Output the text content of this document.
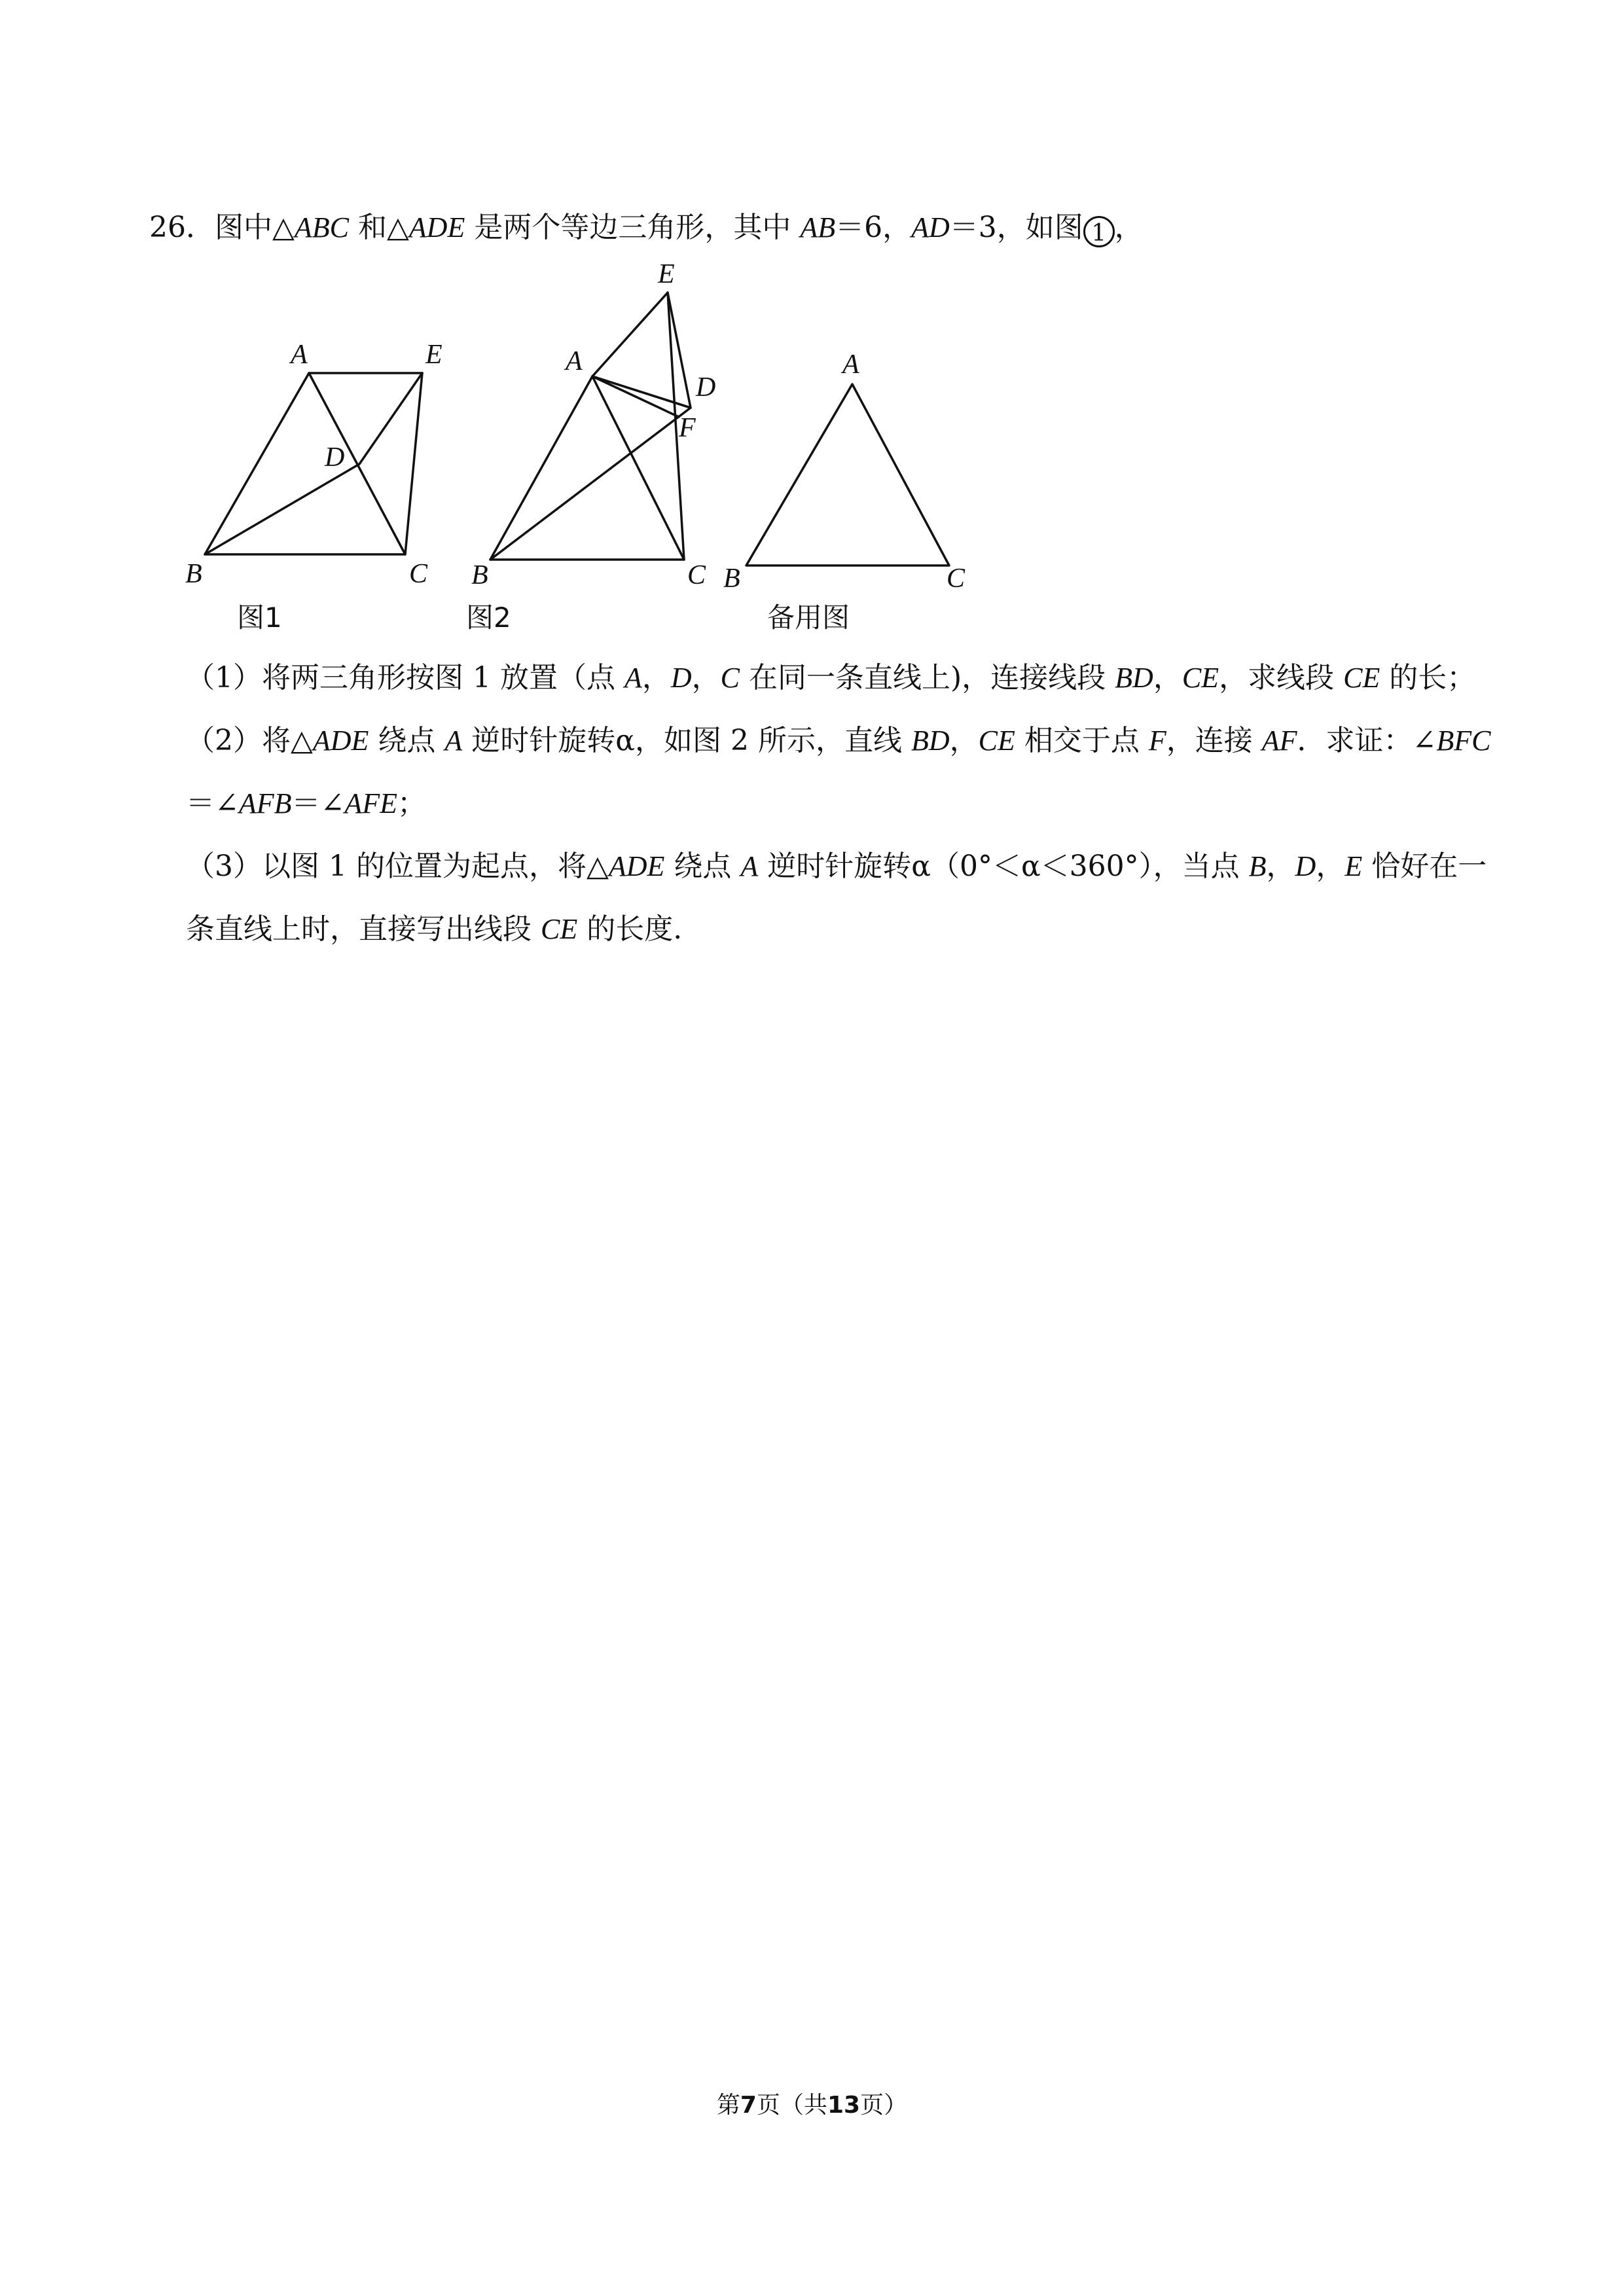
26．图中△ABC 和△ADE 是两个等边三角形，其中 AB＝6，AD＝3，如图 1 ，
A	E
D
B	C
图1
E
A
D
F
B	C
图2
A
B	C
备用图
（1）将两三角形按图 1 放置（点 A，D，C 在同一条直线上)，连接线段 BD，CE，求线段 CE 的长；
（2）将△ADE 绕点 A 逆时针旋转α，如图 2 所示，直线 BD，CE 相交于点 F，连接 AF．求证：∠BFC
＝∠AFB＝∠AFE；
（3）以图 1 的位置为起点，将△ADE 绕点 A 逆时针旋转α（0°＜α＜360°），当点 B，D，E 恰好在一
条直线上时，直接写出线段 CE 的长度.
第7页（共13页）
